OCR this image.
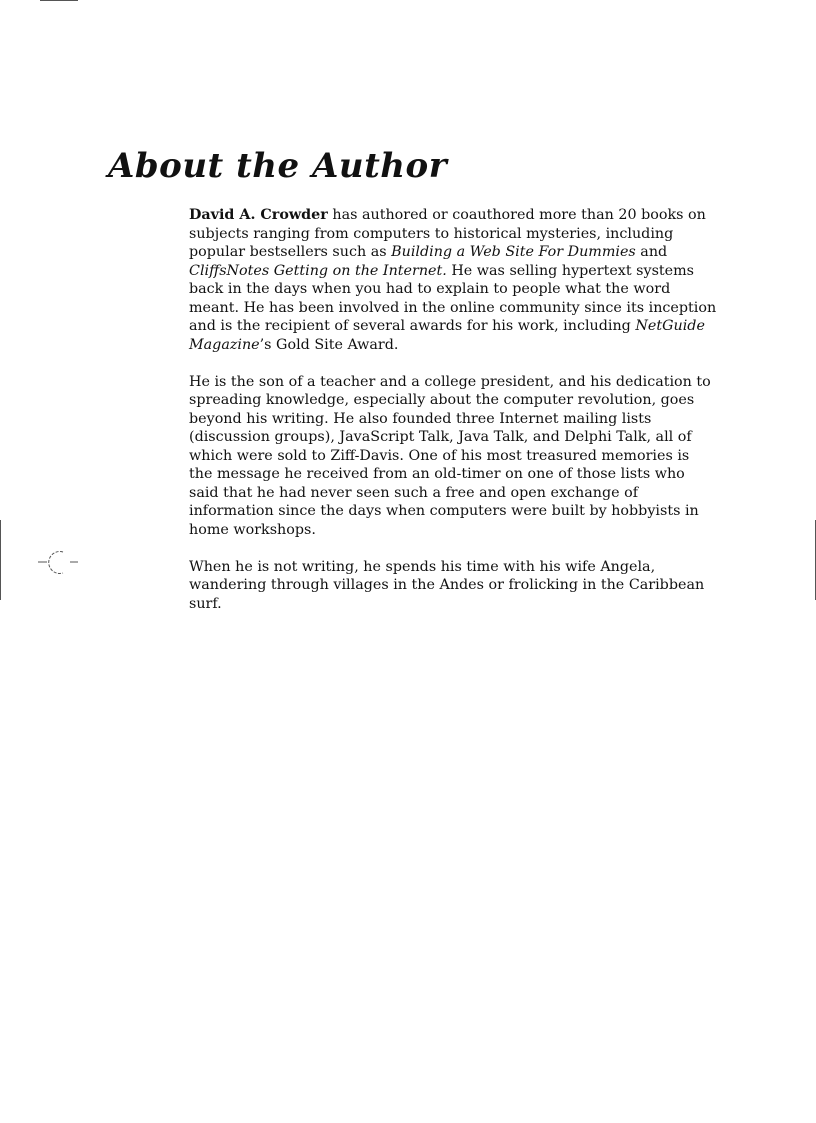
About the Author

David A. Crowder has authored or coauthored more than 20 books on subjects ranging from computers to historical mysteries, including popular bestsellers such as Building a Web Site For Dummies and CliffsNotes Getting on the Internet. He was selling hypertext systems back in the days when you had to explain to people what the word meant. He has been involved in the online community since its inception and is the recipient of several awards for his work, including NetGuide Magazine’s Gold Site Award.

He is the son of a teacher and a college president, and his dedication to spreading knowledge, especially about the computer revolution, goes beyond his writing. He also founded three Internet mailing lists (discussion groups), JavaScript Talk, Java Talk, and Delphi Talk, all of which were sold to Ziff-Davis. One of his most treasured memories is the message he received from an old-timer on one of those lists who said that he had never seen such a free and open exchange of information since the days when computers were built by hobbyists in home workshops.

When he is not writing, he spends his time with his wife Angela, wandering through villages in the Andes or frolicking in the Caribbean surf.
